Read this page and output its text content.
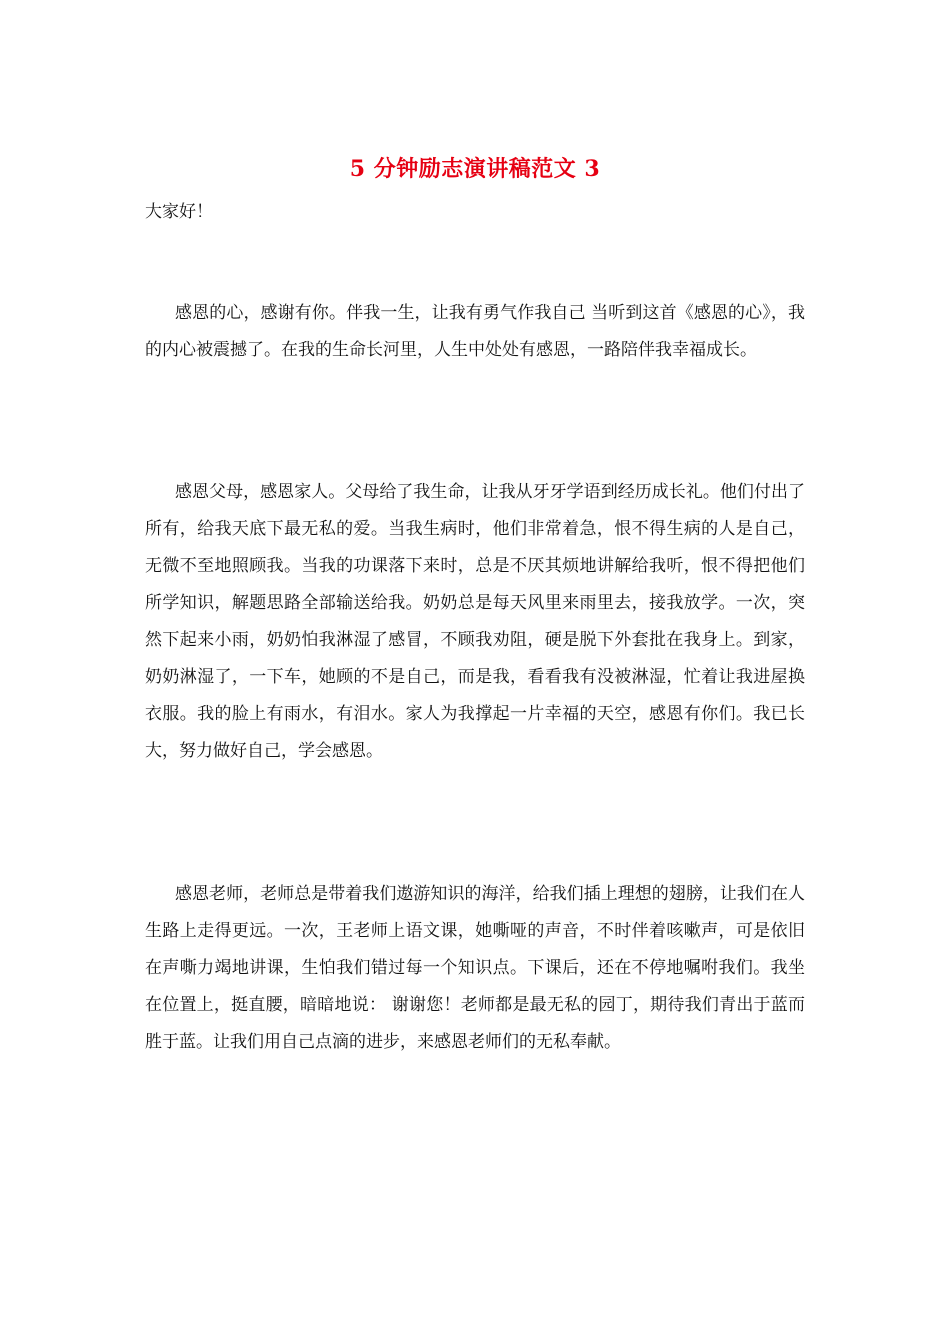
5 分钟励志演讲稿范文 3
大家好！

感恩的心，感谢有你。伴我一生，让我有勇气作我自己 当听到这首《感恩的心》，我的内心被震撼了。在我的生命长河里，人生中处处有感恩，一路陪伴我幸福成长。

感恩父母，感恩家人。父母给了我生命，让我从牙牙学语到经历成长礼。他们付出了所有，给我天底下最无私的爱。当我生病时，他们非常着急，恨不得生病的人是自己，无微不至地照顾我。当我的功课落下来时，总是不厌其烦地讲解给我听，恨不得把他们所学知识，解题思路全部输送给我。奶奶总是每天风里来雨里去，接我放学。一次，突然下起来小雨，奶奶怕我淋湿了感冒，不顾我劝阻，硬是脱下外套批在我身上。到家，奶奶淋湿了，一下车，她顾的不是自己，而是我，看看我有没被淋湿，忙着让我进屋换衣服。我的脸上有雨水，有泪水。家人为我撑起一片幸福的天空，感恩有你们。我已长大，努力做好自己，学会感恩。

感恩老师，老师总是带着我们遨游知识的海洋，给我们插上理想的翅膀，让我们在人生路上走得更远。一次，王老师上语文课，她嘶哑的声音，不时伴着咳嗽声，可是依旧在声嘶力竭地讲课，生怕我们错过每一个知识点。下课后，还在不停地嘱咐我们。我坐在位置上，挺直腰，暗暗地说： 谢谢您！老师都是最无私的园丁，期待我们青出于蓝而胜于蓝。让我们用自己点滴的进步，来感恩老师们的无私奉献。
